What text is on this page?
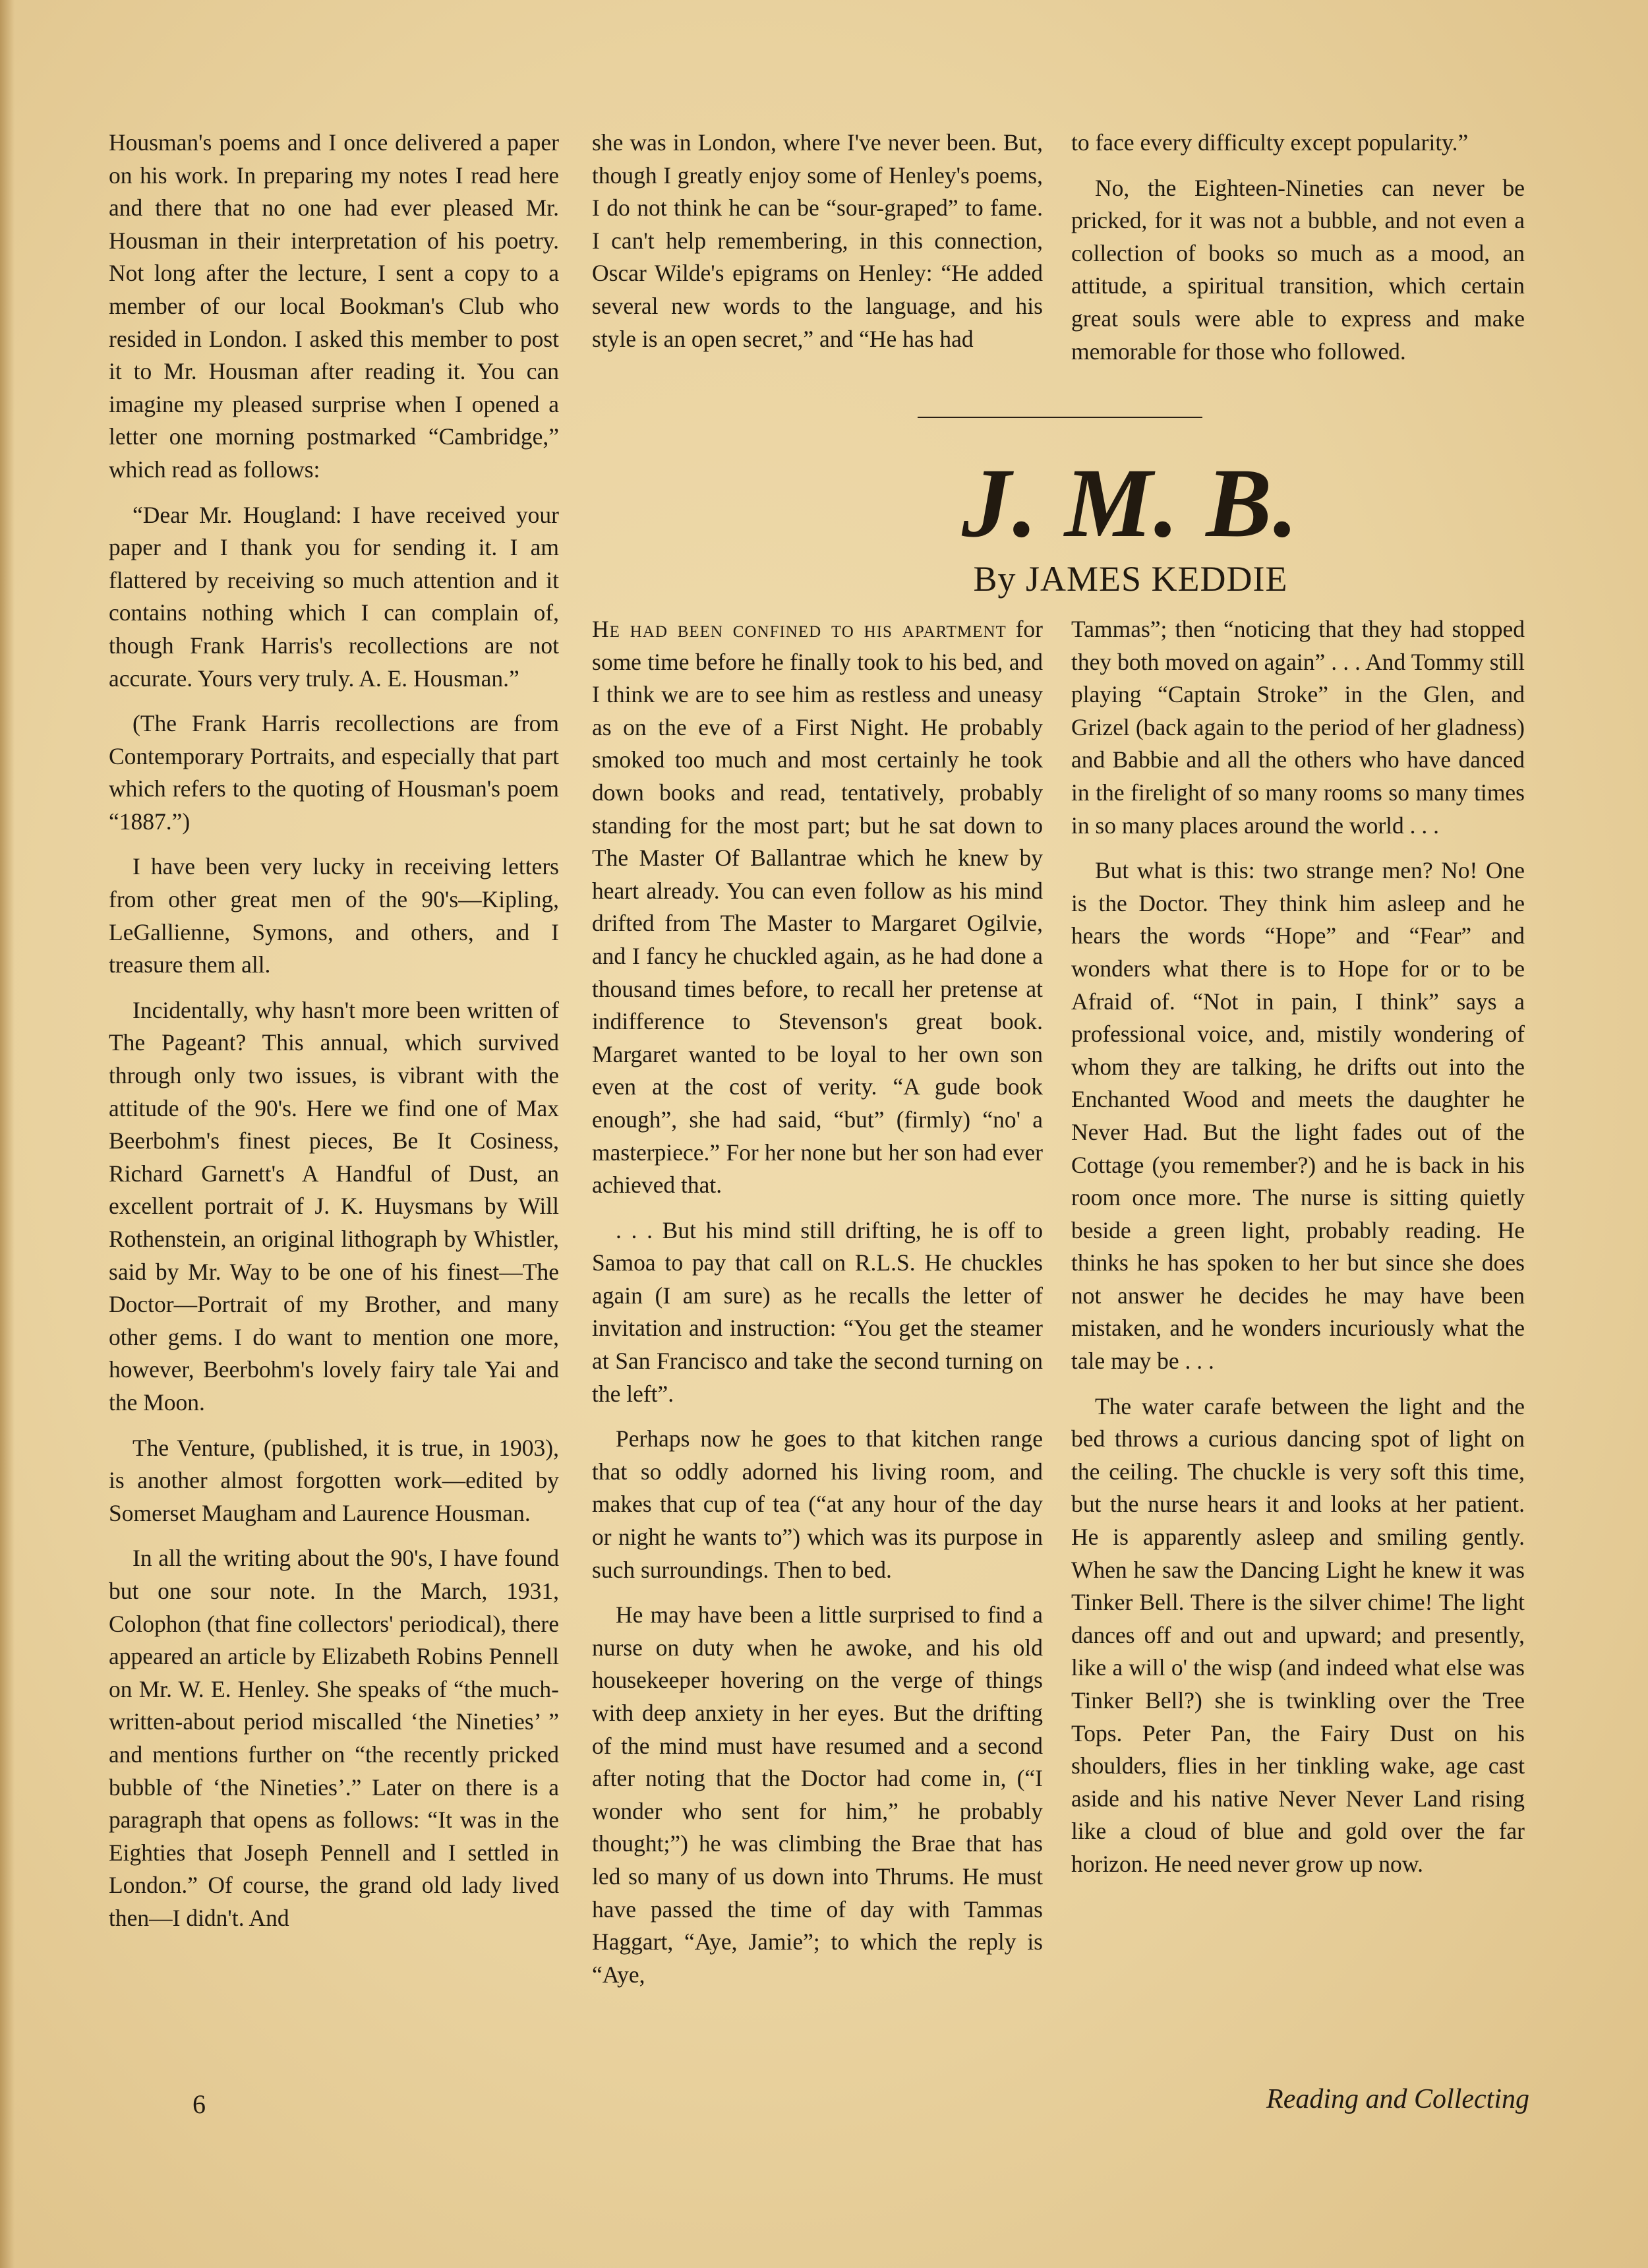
Housman's poems and I once delivered a paper on his work. In preparing my notes I read here and there that no one had ever pleased Mr. Housman in their interpretation of his poetry. Not long after the lecture, I sent a copy to a member of our local Bookman's Club who resided in London. I asked this member to post it to Mr. Housman after reading it. You can imagine my pleased surprise when I opened a letter one morning postmarked “Cambridge,” which read as follows:

“Dear Mr. Hougland: I have received your paper and I thank you for sending it. I am flattered by receiving so much attention and it contains nothing which I can complain of, though Frank Harris's recollections are not accurate. Yours very truly. A. E. Housman.”

(The Frank Harris recollections are from Contemporary Portraits, and especially that part which refers to the quoting of Housman's poem “1887.”)

I have been very lucky in receiving letters from other great men of the 90's—Kipling, LeGallienne, Symons, and others, and I treasure them all.

Incidentally, why hasn't more been written of The Pageant? This annual, which survived through only two issues, is vibrant with the attitude of the 90's. Here we find one of Max Beerbohm's finest pieces, Be It Cosiness, Richard Garnett's A Handful of Dust, an excellent portrait of J. K. Huysmans by Will Rothenstein, an original lithograph by Whistler, said by Mr. Way to be one of his finest—The Doctor—Portrait of my Brother, and many other gems. I do want to mention one more, however, Beerbohm's lovely fairy tale Yai and the Moon.

The Venture, (published, it is true, in 1903), is another almost forgotten work—edited by Somerset Maugham and Laurence Housman.

In all the writing about the 90's, I have found but one sour note. In the March, 1931, Colophon (that fine collectors' periodical), there appeared an article by Elizabeth Robins Pennell on Mr. W. E. Henley. She speaks of “the much-written-about period miscalled ‘the Nineties’ ” and mentions further on “the recently pricked bubble of ‘the Nineties’.” Later on there is a paragraph that opens as follows: “It was in the Eighties that Joseph Pennell and I settled in London.” Of course, the grand old lady lived then—I didn't. And

she was in London, where I've never been. But, though I greatly enjoy some of Henley's poems, I do not think he can be “sour-graped” to fame. I can't help remembering, in this connection, Oscar Wilde's epigrams on Henley: “He added several new words to the language, and his style is an open secret,” and “He has had

to face every difficulty except popularity.”

No, the Eighteen-Nineties can never be pricked, for it was not a bubble, and not even a collection of books so much as a mood, an attitude, a spiritual transition, which certain great souls were able to express and make memorable for those who followed.

J. M. B.
By JAMES KEDDIE

He had been confined to his apartment for some time before he finally took to his bed, and I think we are to see him as restless and uneasy as on the eve of a First Night. He probably smoked too much and most certainly he took down books and read, tentatively, probably standing for the most part; but he sat down to The Master Of Ballantrae which he knew by heart already. You can even follow as his mind drifted from The Master to Margaret Ogilvie, and I fancy he chuckled again, as he had done a thousand times before, to recall her pretense at indifference to Stevenson's great book. Margaret wanted to be loyal to her own son even at the cost of verity. “A gude book enough”, she had said, “but” (firmly) “no' a masterpiece.” For her none but her son had ever achieved that.

. . . But his mind still drifting, he is off to Samoa to pay that call on R.L.S. He chuckles again (I am sure) as he recalls the letter of invitation and instruction: “You get the steamer at San Francisco and take the second turning on the left”.

Perhaps now he goes to that kitchen range that so oddly adorned his living room, and makes that cup of tea (“at any hour of the day or night he wants to”) which was its purpose in such surroundings. Then to bed.

He may have been a little surprised to find a nurse on duty when he awoke, and his old housekeeper hovering on the verge of things with deep anxiety in her eyes. But the drifting of the mind must have resumed and a second after noting that the Doctor had come in, (“I wonder who sent for him,” he probably thought;”) he was climbing the Brae that has led so many of us down into Thrums. He must have passed the time of day with Tammas Haggart, “Aye, Jamie”; to which the reply is “Aye,

Tammas”; then “noticing that they had stopped they both moved on again” . . . And Tommy still playing “Captain Stroke” in the Glen, and Grizel (back again to the period of her gladness) and Babbie and all the others who have danced in the firelight of so many rooms so many times in so many places around the world . . .

But what is this: two strange men? No! One is the Doctor. They think him asleep and he hears the words “Hope” and “Fear” and wonders what there is to Hope for or to be Afraid of. “Not in pain, I think” says a professional voice, and, mistily wondering of whom they are talking, he drifts out into the Enchanted Wood and meets the daughter he Never Had. But the light fades out of the Cottage (you remember?) and he is back in his room once more. The nurse is sitting quietly beside a green light, probably reading. He thinks he has spoken to her but since she does not answer he decides he may have been mistaken, and he wonders incuriously what the tale may be . . .

The water carafe between the light and the bed throws a curious dancing spot of light on the ceiling. The chuckle is very soft this time, but the nurse hears it and looks at her patient. He is apparently asleep and smiling gently. When he saw the Dancing Light he knew it was Tinker Bell. There is the silver chime! The light dances off and out and upward; and presently, like a will o' the wisp (and indeed what else was Tinker Bell?) she is twinkling over the Tree Tops. Peter Pan, the Fairy Dust on his shoulders, flies in her tinkling wake, age cast aside and his native Never Never Land rising like a cloud of blue and gold over the far horizon. He need never grow up now.

6	Reading and Collecting
